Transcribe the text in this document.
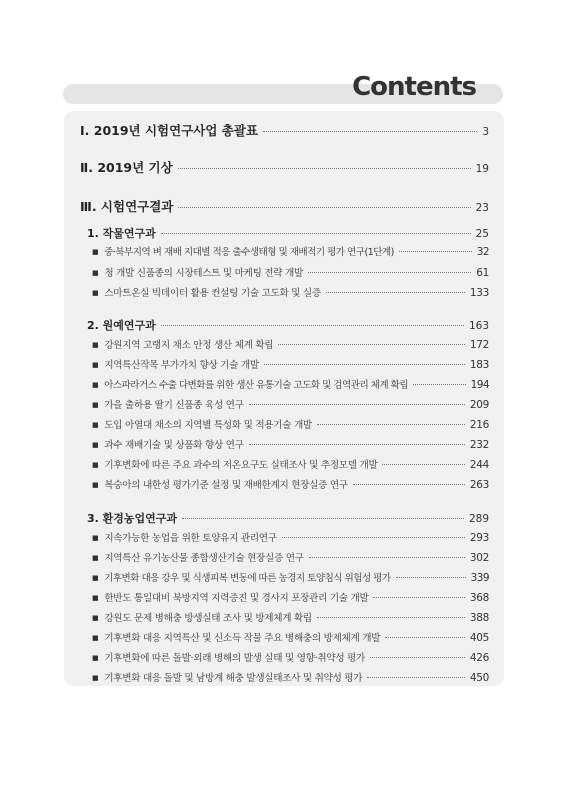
Contents
Ⅰ. 2019년 시험연구사업 총괄표	3
Ⅱ. 2019년 기상	19
Ⅲ. 시험연구결과	23
1. 작물연구과	25
■ 중·북부지역 벼 재배 지대별 적응 출수생태형 및 재배적기 평가 연구(1단계)	32
■ 청 개발 신품종의 시장테스트 및 마케팅 전략 개발	61
■ 스마트온실 빅데이터 활용 컨설팅 기술 고도화 및 실증	133
2. 원예연구과	163
■ 강원지역 고랭지 채소 안정 생산 체계 확립	172
■ 지역특산작목 부가가치 향상 기술 개발	183
■ 아스파라거스 수출 다변화를 위한 생산 유통기술 고도화 및 검역관리 체계 확립	194
■ 가을 출하용 딸기 신품종 육성 연구	209
■ 도입 아열대 채소의 지역별 특성화 및 적용기술 개발	216
■ 과수 재배기술 및 상품화 향상 연구	232
■ 기후변화에 따른 주요 과수의 저온요구도 실태조사 및 추정모델 개발	244
■ 복숭아의 내한성 평가기준 설정 및 재배한계지 현장실증 연구	263
3. 환경농업연구과	289
■ 지속가능한 농업을 위한 토양유지 관리연구	293
■ 지역특산 유기농산물 종합생산기술 현장실증 연구	302
■ 기후변화 대응 강우 및 식생피복 변동에 따른 농경지 토양침식 위험성 평가	339
■ 한반도 통일대비 북방지역 지력증진 및 경사지 포장관리 기술 개발	368
■ 강원도 문제 병해충 방생실태 조사 및 방제체계 확립	388
■ 기후변화 대응 지역특산 및 신소득 작물 주요 병해충의 방제체계 개발	405
■ 기후변화에 따른 돌발·외래 병해의 발생 실태 및 영향·취약성 평가	426
■ 기후변화 대응 돌발 및 남방계 해충 발생실태조사 및 취약성 평가	450
